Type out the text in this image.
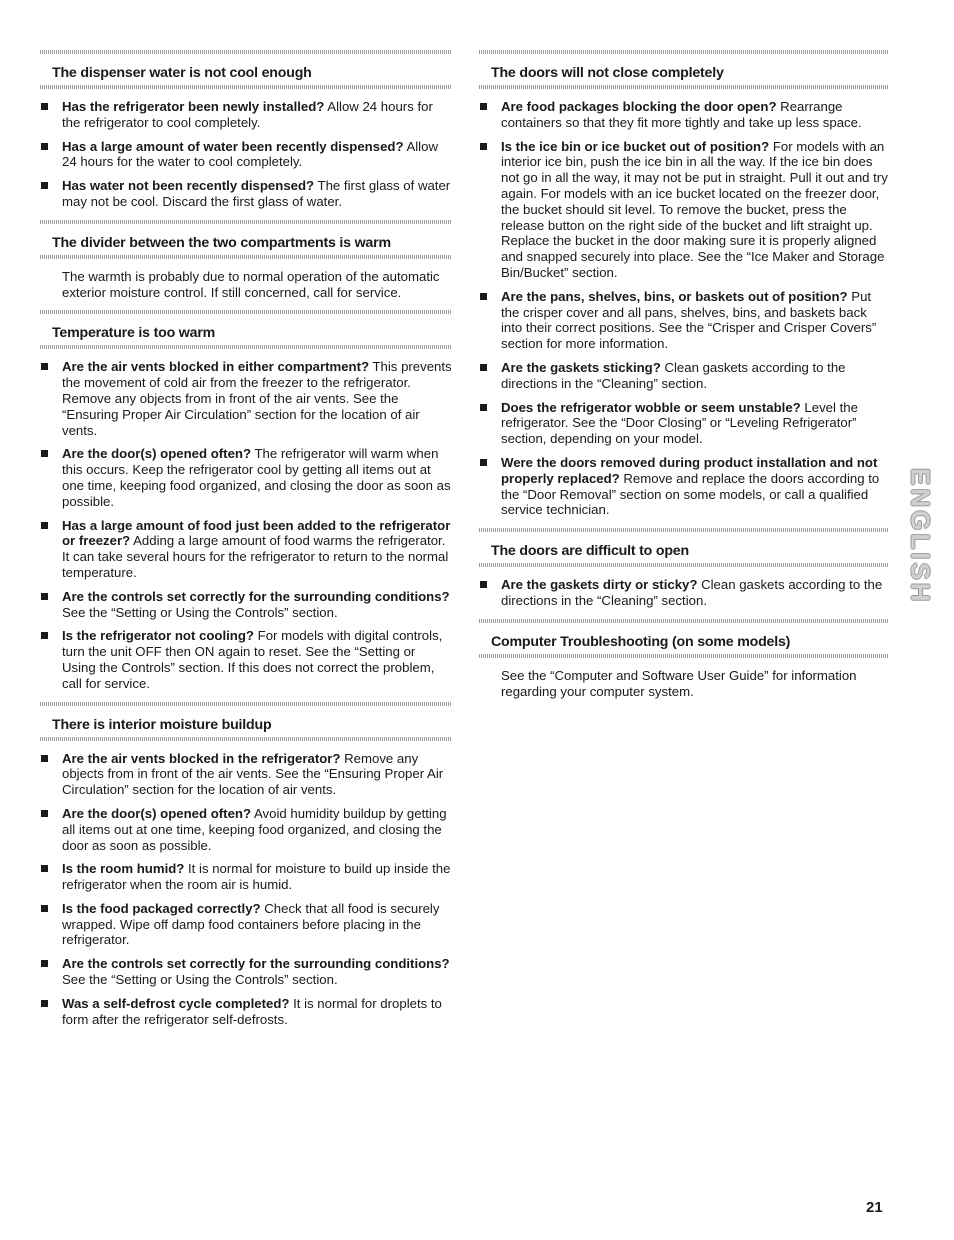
The dispenser water is not cool enough
Has the refrigerator been newly installed? Allow 24 hours for the refrigerator to cool completely.
Has a large amount of water been recently dispensed? Allow 24 hours for the water to cool completely.
Has water not been recently dispensed? The first glass of water may not be cool. Discard the first glass of water.
The divider between the two compartments is warm
The warmth is probably due to normal operation of the automatic exterior moisture control. If still concerned, call for service.
Temperature is too warm
Are the air vents blocked in either compartment? This prevents the movement of cold air from the freezer to the refrigerator. Remove any objects from in front of the air vents. See the “Ensuring Proper Air Circulation” section for the location of air vents.
Are the door(s) opened often? The refrigerator will warm when this occurs. Keep the refrigerator cool by getting all items out at one time, keeping food organized, and closing the door as soon as possible.
Has a large amount of food just been added to the refrigerator or freezer? Adding a large amount of food warms the refrigerator. It can take several hours for the refrigerator to return to the normal temperature.
Are the controls set correctly for the surrounding conditions? See the “Setting or Using the Controls” section.
Is the refrigerator not cooling? For models with digital controls, turn the unit OFF then ON again to reset. See the “Setting or Using the Controls” section. If this does not correct the problem, call for service.
There is interior moisture buildup
Are the air vents blocked in the refrigerator? Remove any objects from in front of the air vents. See the “Ensuring Proper Air Circulation” section for the location of air vents.
Are the door(s) opened often? Avoid humidity buildup by getting all items out at one time, keeping food organized, and closing the door as soon as possible.
Is the room humid? It is normal for moisture to build up inside the refrigerator when the room air is humid.
Is the food packaged correctly? Check that all food is securely wrapped. Wipe off damp food containers before placing in the refrigerator.
Are the controls set correctly for the surrounding conditions? See the “Setting or Using the Controls” section.
Was a self-defrost cycle completed? It is normal for droplets to form after the refrigerator self-defrosts.
The doors will not close completely
Are food packages blocking the door open? Rearrange containers so that they fit more tightly and take up less space.
Is the ice bin or ice bucket out of position? For models with an interior ice bin, push the ice bin in all the way. If the ice bin does not go in all the way, it may not be put in straight. Pull it out and try again. For models with an ice bucket located on the freezer door, the bucket should sit level. To remove the bucket, press the release button on the right side of the bucket and lift straight up. Replace the bucket in the door making sure it is properly aligned and snapped securely into place. See the “Ice Maker and Storage Bin/Bucket” section.
Are the pans, shelves, bins, or baskets out of position? Put the crisper cover and all pans, shelves, bins, and baskets back into their correct positions. See the “Crisper and Crisper Covers” section for more information.
Are the gaskets sticking? Clean gaskets according to the directions in the “Cleaning” section.
Does the refrigerator wobble or seem unstable? Level the refrigerator. See the “Door Closing” or “Leveling Refrigerator” section, depending on your model.
Were the doors removed during product installation and not properly replaced? Remove and replace the doors according to the “Door Removal” section on some models, or call a qualified service technician.
The doors are difficult to open
Are the gaskets dirty or sticky? Clean gaskets according to the directions in the “Cleaning” section.
Computer Troubleshooting (on some models)
See the “Computer and Software User Guide” for information regarding your computer system.
ENGLISH
21
